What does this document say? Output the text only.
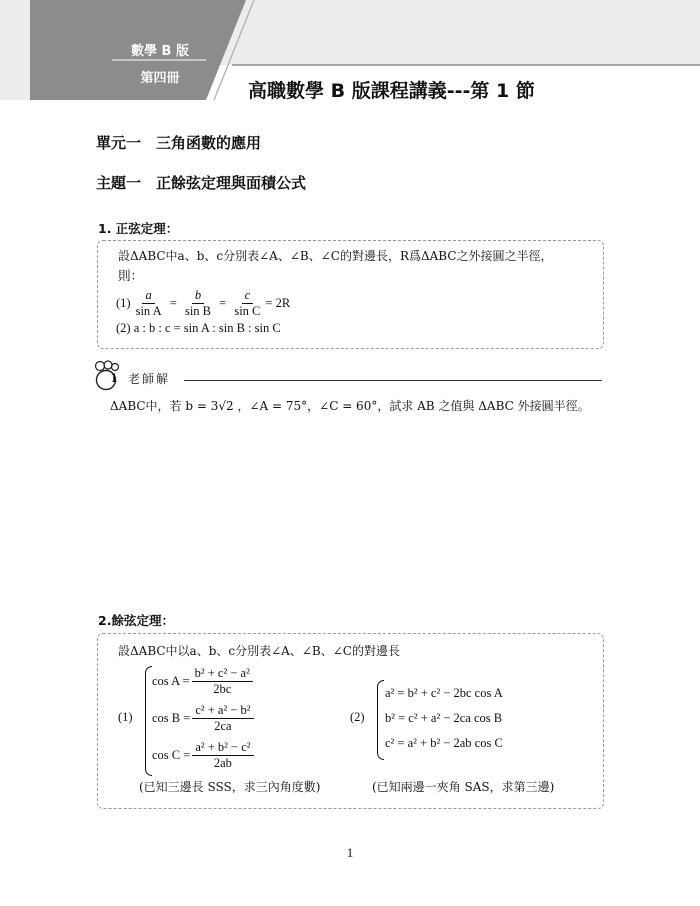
數學 B 版
第四冊
高職數學 B 版課程講義---第 1 節
單元一　三角函數的應用
主題一　正餘弦定理與面積公式
1. 正弦定理：
設ΔABC中a、b、c分別表∠A、∠B、∠C的對邊長，R爲ΔABC之外接圓之半徑，
則：
$(1) \frac{a}{\text{sin A}} = \frac{b}{\text{sin B}} = \frac{c}{\text{sin C}} = 2R$
(2) a : b : c = sin A : sin B : sin C
1 老師解
ΔABC中，若 b = 3√2 ，∠A = 75°，∠C = 60°，試求 AB 之值與 ΔABC 外接圓半徑。
2.餘弦定理：
設ΔABC中以a、b、c分別表∠A、∠B、∠C的對邊長
(1)
$\cos A = \frac{\text{b² + c² − a²}}{2bc}$
$\cos B = \frac{\text{c² + a² − b²}}{2ca}$
$\cos C = \frac{\text{a² + b² − c²}}{2ab}$
(已知三邊長 SSS，求三內角度數)
(2)
a² = b² + c² − 2bc cos A
b² = c² + a² − 2ca cos B
c² = a² + b² − 2ab cos C
(已知兩邊一夾角 SAS，求第三邊)
1
